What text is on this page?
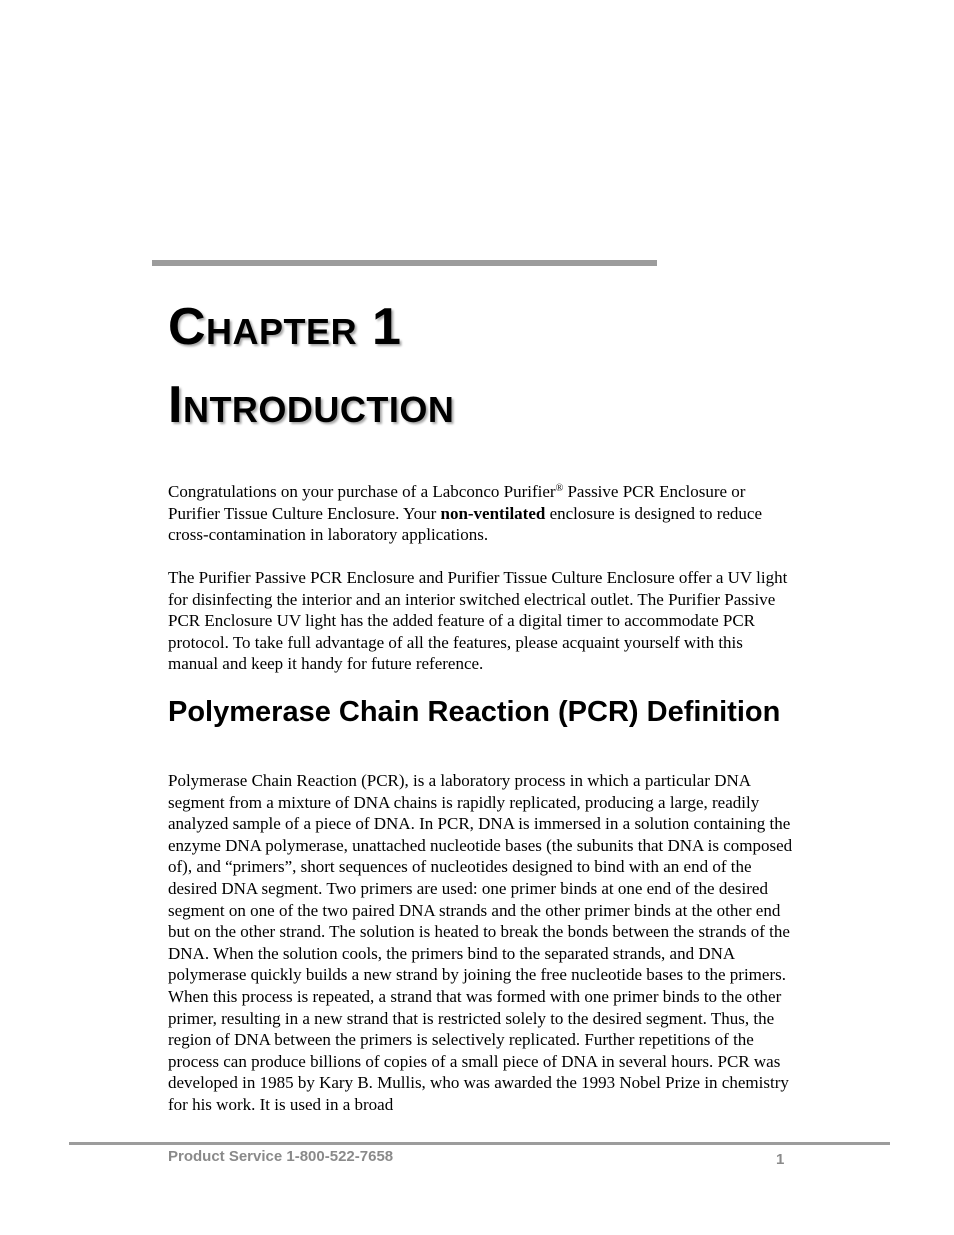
Chapter 1
Introduction

Congratulations on your purchase of a Labconco Purifier® Passive PCR Enclosure or Purifier Tissue Culture Enclosure. Your non-ventilated enclosure is designed to reduce cross-contamination in laboratory applications.

The Purifier Passive PCR Enclosure and Purifier Tissue Culture Enclosure offer a UV light for disinfecting the interior and an interior switched electrical outlet. The Purifier Passive PCR Enclosure UV light has the added feature of a digital timer to accommodate PCR protocol. To take full advantage of all the features, please acquaint yourself with this manual and keep it handy for future reference.

Polymerase Chain Reaction (PCR) Definition

Polymerase Chain Reaction (PCR), is a laboratory process in which a particular DNA segment from a mixture of DNA chains is rapidly replicated, producing a large, readily analyzed sample of a piece of DNA. In PCR, DNA is immersed in a solution containing the enzyme DNA polymerase, unattached nucleotide bases (the subunits that DNA is composed of), and “primers”, short sequences of nucleotides designed to bind with an end of the desired DNA segment. Two primers are used: one primer binds at one end of the desired segment on one of the two paired DNA strands and the other primer binds at the other end but on the other strand. The solution is heated to break the bonds between the strands of the DNA. When the solution cools, the primers bind to the separated strands, and DNA polymerase quickly builds a new strand by joining the free nucleotide bases to the primers. When this process is repeated, a strand that was formed with one primer binds to the other primer, resulting in a new strand that is restricted solely to the desired segment. Thus, the region of DNA between the primers is selectively replicated. Further repetitions of the process can produce billions of copies of a small piece of DNA in several hours. PCR was developed in 1985 by Kary B. Mullis, who was awarded the 1993 Nobel Prize in chemistry for his work. It is used in a broad

Product Service 1-800-522-7658	1
